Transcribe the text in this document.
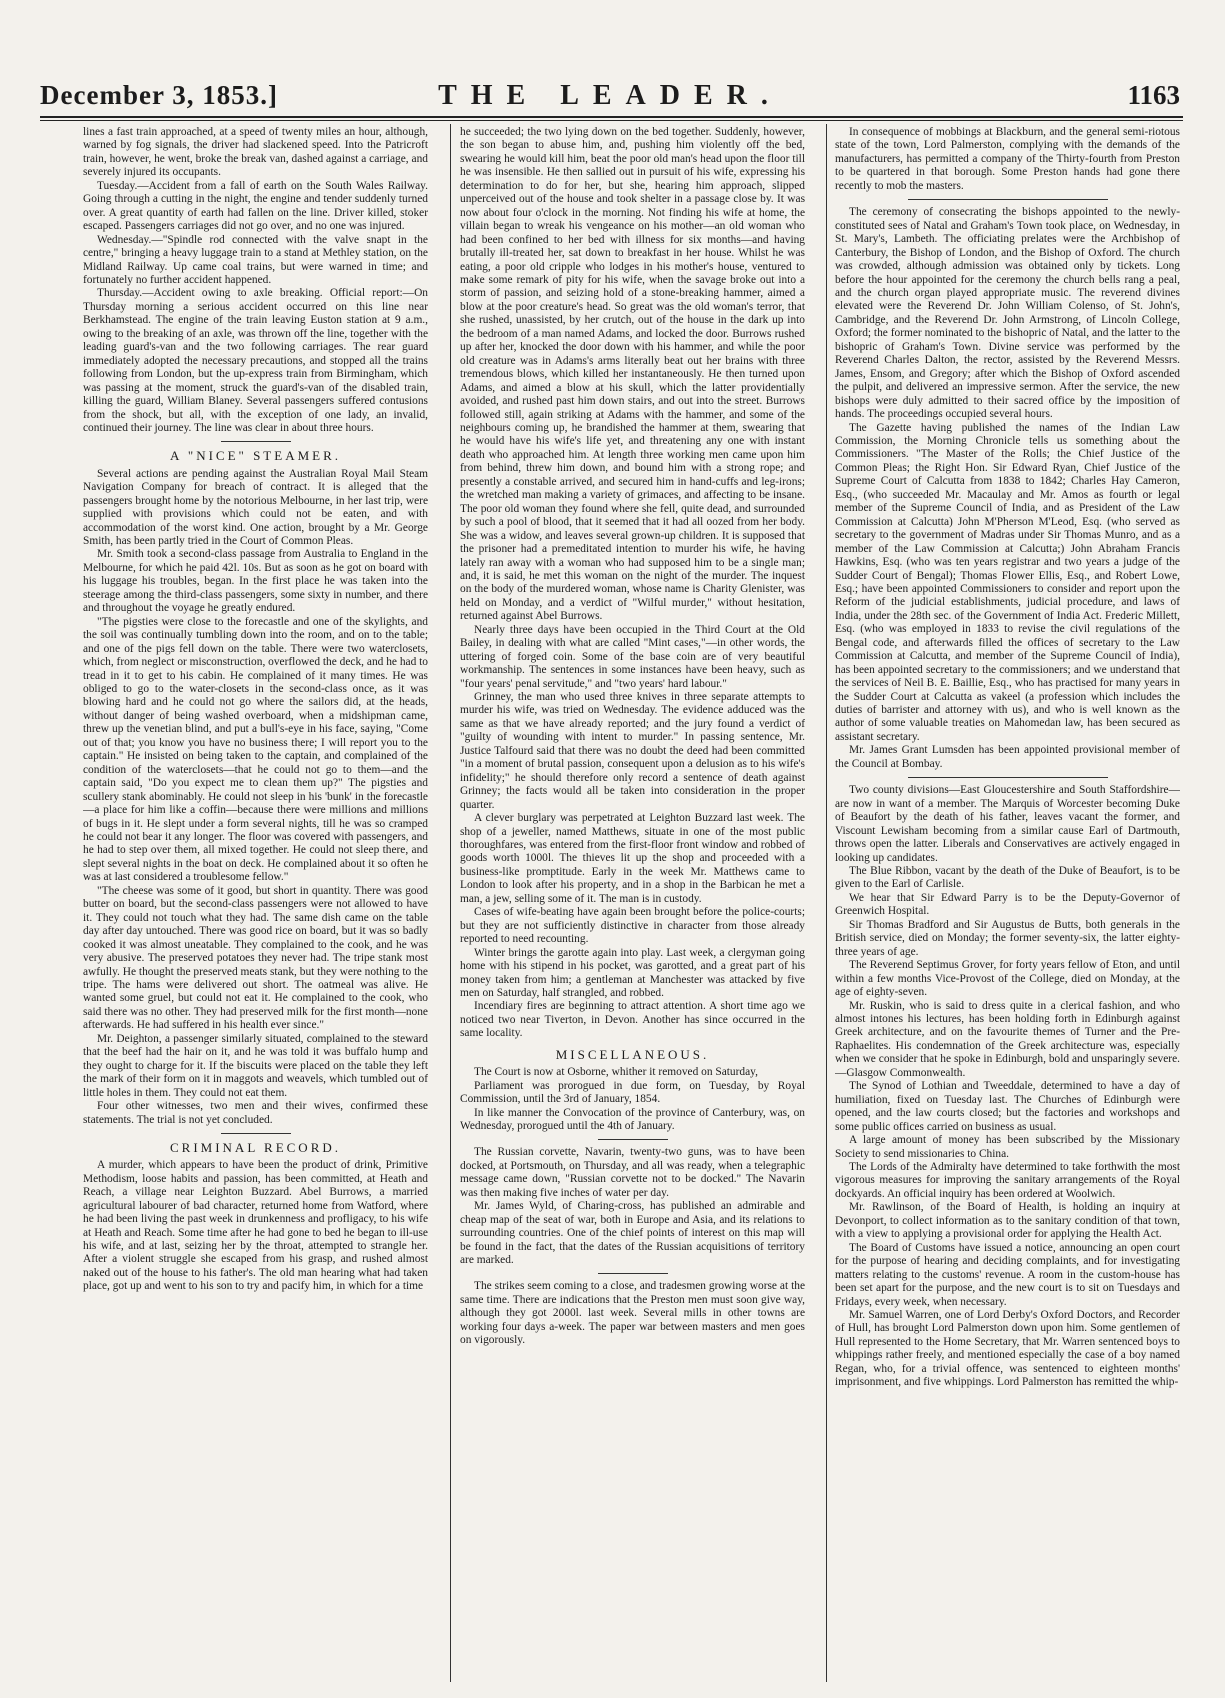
December 3, 1853.]	THE LEADER.	1163

lines a fast train approached, at a speed of twenty miles an hour, although, warned by fog signals, the driver had slackened speed. Into the Patricroft train, however, he went, broke the break van, dashed against a carriage, and severely injured its occupants.

Tuesday.—Accident from a fall of earth on the South Wales Railway. Going through a cutting in the night, the engine and tender suddenly turned over. A great quantity of earth had fallen on the line. Driver killed, stoker escaped. Passengers carriages did not go over, and no one was injured.

Wednesday.—"Spindle rod connected with the valve snapt in the centre," bringing a heavy luggage train to a stand at Methley station, on the Midland Railway. Up came coal trains, but were warned in time; and fortunately no further accident happened.

Thursday.—Accident owing to axle breaking. Official report:—On Thursday morning a serious accident occurred on this line near Berkhamstead. The engine of the train leaving Euston station at 9 a.m., owing to the breaking of an axle, was thrown off the line, together with the leading guard's-van and the two following carriages. The rear guard immediately adopted the necessary precautions, and stopped all the trains following from London, but the up-express train from Birmingham, which was passing at the moment, struck the guard's-van of the disabled train, killing the guard, William Blaney. Several passengers suffered contusions from the shock, but all, with the exception of one lady, an invalid, continued their journey. The line was clear in about three hours.

A "NICE" STEAMER.

Several actions are pending against the Australian Royal Mail Steam Navigation Company for breach of contract. It is alleged that the passengers brought home by the notorious Melbourne, in her last trip, were supplied with provisions which could not be eaten, and with accommodation of the worst kind. One action, brought by a Mr. George Smith, has been partly tried in the Court of Common Pleas.

Mr. Smith took a second-class passage from Australia to England in the Melbourne, for which he paid 42l. 10s. But as soon as he got on board with his luggage his troubles, began. In the first place he was taken into the steerage among the third-class passengers, some sixty in number, and there and throughout the voyage he greatly endured.

"The pigsties were close to the forecastle and one of the skylights, and the soil was continually tumbling down into the room, and on to the table; and one of the pigs fell down on the table. There were two waterclosets, which, from neglect or misconstruction, overflowed the deck, and he had to tread in it to get to his cabin. He complained of it many times. He was obliged to go to the water-closets in the second-class once, as it was blowing hard and he could not go where the sailors did, at the heads, without danger of being washed overboard, when a midshipman came, threw up the venetian blind, and put a bull's-eye in his face, saying, "Come out of that; you know you have no business there; I will report you to the captain." He insisted on being taken to the captain, and complained of the condition of the waterclosets—that he could not go to them—and the captain said, "Do you expect me to clean them up?" The pigsties and scullery stank abominably. He could not sleep in his 'bunk' in the forecastle—a place for him like a coffin—because there were millions and millions of bugs in it. He slept under a form several nights, till he was so cramped he could not bear it any longer. The floor was covered with passengers, and he had to step over them, all mixed together. He could not sleep there, and slept several nights in the boat on deck. He complained about it so often he was at last considered a troublesome fellow."

"The cheese was some of it good, but short in quantity. There was good butter on board, but the second-class passengers were not allowed to have it. They could not touch what they had. The same dish came on the table day after day untouched. There was good rice on board, but it was so badly cooked it was almost uneatable. They complained to the cook, and he was very abusive. The preserved potatoes they never had. The tripe stank most awfully. He thought the preserved meats stank, but they were nothing to the tripe. The hams were delivered out short. The oatmeal was alive. He wanted some gruel, but could not eat it. He complained to the cook, who said there was no other. They had preserved milk for the first month—none afterwards. He had suffered in his health ever since."

Mr. Deighton, a passenger similarly situated, complained to the steward that the beef had the hair on it, and he was told it was buffalo hump and they ought to charge for it. If the biscuits were placed on the table they left the mark of their form on it in maggots and weavels, which tumbled out of little holes in them. They could not eat them.

Four other witnesses, two men and their wives, confirmed these statements. The trial is not yet concluded.

CRIMINAL RECORD.

A murder, which appears to have been the product of drink, Primitive Methodism, loose habits and passion, has been committed, at Heath and Reach, a village near Leighton Buzzard. Abel Burrows, a married agricultural labourer of bad character, returned home from Watford, where he had been living the past week in drunkenness and profligacy, to his wife at Heath and Reach. Some time after he had gone to bed he began to ill-use his wife, and at last, seizing her by the throat, attempted to strangle her. After a violent struggle she escaped from his grasp, and rushed almost naked out of the house to his father's. The old man hearing what had taken place, got up and went to his son to try and pacify him, in which for a time

he succeeded; the two lying down on the bed together. Suddenly, however, the son began to abuse him, and, pushing him violently off the bed, swearing he would kill him, beat the poor old man's head upon the floor till he was insensible. He then sallied out in pursuit of his wife, expressing his determination to do for her, but she, hearing him approach, slipped unperceived out of the house and took shelter in a passage close by. It was now about four o'clock in the morning. Not finding his wife at home, the villain began to wreak his vengeance on his mother—an old woman who had been confined to her bed with illness for six months—and having brutally ill-treated her, sat down to breakfast in her house. Whilst he was eating, a poor old cripple who lodges in his mother's house, ventured to make some remark of pity for his wife, when the savage broke out into a storm of passion, and seizing hold of a stone-breaking hammer, aimed a blow at the poor creature's head. So great was the old woman's terror, that she rushed, unassisted, by her crutch, out of the house in the dark up into the bedroom of a man named Adams, and locked the door. Burrows rushed up after her, knocked the door down with his hammer, and while the poor old creature was in Adams's arms literally beat out her brains with three tremendous blows, which killed her instantaneously. He then turned upon Adams, and aimed a blow at his skull, which the latter providentially avoided, and rushed past him down stairs, and out into the street. Burrows followed still, again striking at Adams with the hammer, and some of the neighbours coming up, he brandished the hammer at them, swearing that he would have his wife's life yet, and threatening any one with instant death who approached him. At length three working men came upon him from behind, threw him down, and bound him with a strong rope; and presently a constable arrived, and secured him in hand-cuffs and leg-irons; the wretched man making a variety of grimaces, and affecting to be insane. The poor old woman they found where she fell, quite dead, and surrounded by such a pool of blood, that it seemed that it had all oozed from her body. She was a widow, and leaves several grown-up children. It is supposed that the prisoner had a premeditated intention to murder his wife, he having lately ran away with a woman who had supposed him to be a single man; and, it is said, he met this woman on the night of the murder. The inquest on the body of the murdered woman, whose name is Charity Glenister, was held on Monday, and a verdict of "Wilful murder," without hesitation, returned against Abel Burrows.

Nearly three days have been occupied in the Third Court at the Old Bailey, in dealing with what are called "Mint cases,"—in other words, the uttering of forged coin. Some of the base coin are of very beautiful workmanship. The sentences in some instances have been heavy, such as "four years' penal servitude," and "two years' hard labour."

Grinney, the man who used three knives in three separate attempts to murder his wife, was tried on Wednesday. The evidence adduced was the same as that we have already reported; and the jury found a verdict of "guilty of wounding with intent to murder." In passing sentence, Mr. Justice Talfourd said that there was no doubt the deed had been committed "in a moment of brutal passion, consequent upon a delusion as to his wife's infidelity;" he should therefore only record a sentence of death against Grinney; the facts would all be taken into consideration in the proper quarter.

A clever burglary was perpetrated at Leighton Buzzard last week. The shop of a jeweller, named Matthews, situate in one of the most public thoroughfares, was entered from the first-floor front window and robbed of goods worth 1000l. The thieves lit up the shop and proceeded with a business-like promptitude. Early in the week Mr. Matthews came to London to look after his property, and in a shop in the Barbican he met a man, a jew, selling some of it. The man is in custody.

Cases of wife-beating have again been brought before the police-courts; but they are not sufficiently distinctive in character from those already reported to need recounting.

Winter brings the garotte again into play. Last week, a clergyman going home with his stipend in his pocket, was garotted, and a great part of his money taken from him; a gentleman at Manchester was attacked by five men on Saturday, half strangled, and robbed.

Incendiary fires are beginning to attract attention. A short time ago we noticed two near Tiverton, in Devon. Another has since occurred in the same locality.

MISCELLANEOUS.

The Court is now at Osborne, whither it removed on Saturday,

Parliament was prorogued in due form, on Tuesday, by Royal Commission, until the 3rd of January, 1854.

In like manner the Convocation of the province of Canterbury, was, on Wednesday, prorogued until the 4th of January.

The Russian corvette, Navarin, twenty-two guns, was to have been docked, at Portsmouth, on Thursday, and all was ready, when a telegraphic message came down, "Russian corvette not to be docked." The Navarin was then making five inches of water per day.

Mr. James Wyld, of Charing-cross, has published an admirable and cheap map of the seat of war, both in Europe and Asia, and its relations to surrounding countries. One of the chief points of interest on this map will be found in the fact, that the dates of the Russian acquisitions of territory are marked.

The strikes seem coming to a close, and tradesmen growing worse at the same time. There are indications that the Preston men must soon give way, although they got 2000l. last week. Several mills in other towns are working four days a-week. The paper war between masters and men goes on vigorously.

In consequence of mobbings at Blackburn, and the general semi-riotous state of the town, Lord Palmerston, complying with the demands of the manufacturers, has permitted a company of the Thirty-fourth from Preston to be quartered in that borough. Some Preston hands had gone there recently to mob the masters.

The ceremony of consecrating the bishops appointed to the newly-constituted sees of Natal and Graham's Town took place, on Wednesday, in St. Mary's, Lambeth. The officiating prelates were the Archbishop of Canterbury, the Bishop of London, and the Bishop of Oxford. The church was crowded, although admission was obtained only by tickets. Long before the hour appointed for the ceremony the church bells rang a peal, and the church organ played appropriate music. The reverend divines elevated were the Reverend Dr. John William Colenso, of St. John's, Cambridge, and the Reverend Dr. John Armstrong, of Lincoln College, Oxford; the former nominated to the bishopric of Natal, and the latter to the bishopric of Graham's Town. Divine service was performed by the Reverend Charles Dalton, the rector, assisted by the Reverend Messrs. James, Ensom, and Gregory; after which the Bishop of Oxford ascended the pulpit, and delivered an impressive sermon. After the service, the new bishops were duly admitted to their sacred office by the imposition of hands. The proceedings occupied several hours.

The Gazette having published the names of the Indian Law Commission, the Morning Chronicle tells us something about the Commissioners. "The Master of the Rolls; the Chief Justice of the Common Pleas; the Right Hon. Sir Edward Ryan, Chief Justice of the Supreme Court of Calcutta from 1838 to 1842; Charles Hay Cameron, Esq., (who succeeded Mr. Macaulay and Mr. Amos as fourth or legal member of the Supreme Council of India, and as President of the Law Commission at Calcutta) John M'Pherson M'Leod, Esq. (who served as secretary to the government of Madras under Sir Thomas Munro, and as a member of the Law Commission at Calcutta;) John Abraham Francis Hawkins, Esq. (who was ten years registrar and two years a judge of the Sudder Court of Bengal); Thomas Flower Ellis, Esq., and Robert Lowe, Esq.; have been appointed Commissioners to consider and report upon the Reform of the judicial establishments, judicial procedure, and laws of India, under the 28th sec. of the Government of India Act. Frederic Millett, Esq. (who was employed in 1833 to revise the civil regulations of the Bengal code, and afterwards filled the offices of secretary to the Law Commission at Calcutta, and member of the Supreme Council of India), has been appointed secretary to the commissioners; and we understand that the services of Neil B. E. Baillie, Esq., who has practised for many years in the Sudder Court at Calcutta as vakeel (a profession which includes the duties of barrister and attorney with us), and who is well known as the author of some valuable treaties on Mahomedan law, has been secured as assistant secretary.

Mr. James Grant Lumsden has been appointed provisional member of the Council at Bombay.

Two county divisions—East Gloucestershire and South Staffordshire—are now in want of a member. The Marquis of Worcester becoming Duke of Beaufort by the death of his father, leaves vacant the former, and Viscount Lewisham becoming from a similar cause Earl of Dartmouth, throws open the latter. Liberals and Conservatives are actively engaged in looking up candidates.

The Blue Ribbon, vacant by the death of the Duke of Beaufort, is to be given to the Earl of Carlisle.

We hear that Sir Edward Parry is to be the Deputy-Governor of Greenwich Hospital.

Sir Thomas Bradford and Sir Augustus de Butts, both generals in the British service, died on Monday; the former seventy-six, the latter eighty-three years of age.

The Reverend Septimus Grover, for forty years fellow of Eton, and until within a few months Vice-Provost of the College, died on Monday, at the age of eighty-seven.

Mr. Ruskin, who is said to dress quite in a clerical fashion, and who almost intones his lectures, has been holding forth in Edinburgh against Greek architecture, and on the favourite themes of Turner and the Pre-Raphaelites. His condemnation of the Greek architecture was, especially when we consider that he spoke in Edinburgh, bold and unsparingly severe.—Glasgow Commonwealth.

The Synod of Lothian and Tweeddale, determined to have a day of humiliation, fixed on Tuesday last. The Churches of Edinburgh were opened, and the law courts closed; but the factories and workshops and some public offices carried on business as usual.

A large amount of money has been subscribed by the Missionary Society to send missionaries to China.

The Lords of the Admiralty have determined to take forthwith the most vigorous measures for improving the sanitary arrangements of the Royal dockyards. An official inquiry has been ordered at Woolwich.

Mr. Rawlinson, of the Board of Health, is holding an inquiry at Devonport, to collect information as to the sanitary condition of that town, with a view to applying a provisional order for applying the Health Act.

The Board of Customs have issued a notice, announcing an open court for the purpose of hearing and deciding complaints, and for investigating matters relating to the customs' revenue. A room in the custom-house has been set apart for the purpose, and the new court is to sit on Tuesdays and Fridays, every week, when necessary.

Mr. Samuel Warren, one of Lord Derby's Oxford Doctors, and Recorder of Hull, has brought Lord Palmerston down upon him. Some gentlemen of Hull represented to the Home Secretary, that Mr. Warren sentenced boys to whippings rather freely, and mentioned especially the case of a boy named Regan, who, for a trivial offence, was sentenced to eighteen months' imprisonment, and five whippings. Lord Palmerston has remitted the whip-
